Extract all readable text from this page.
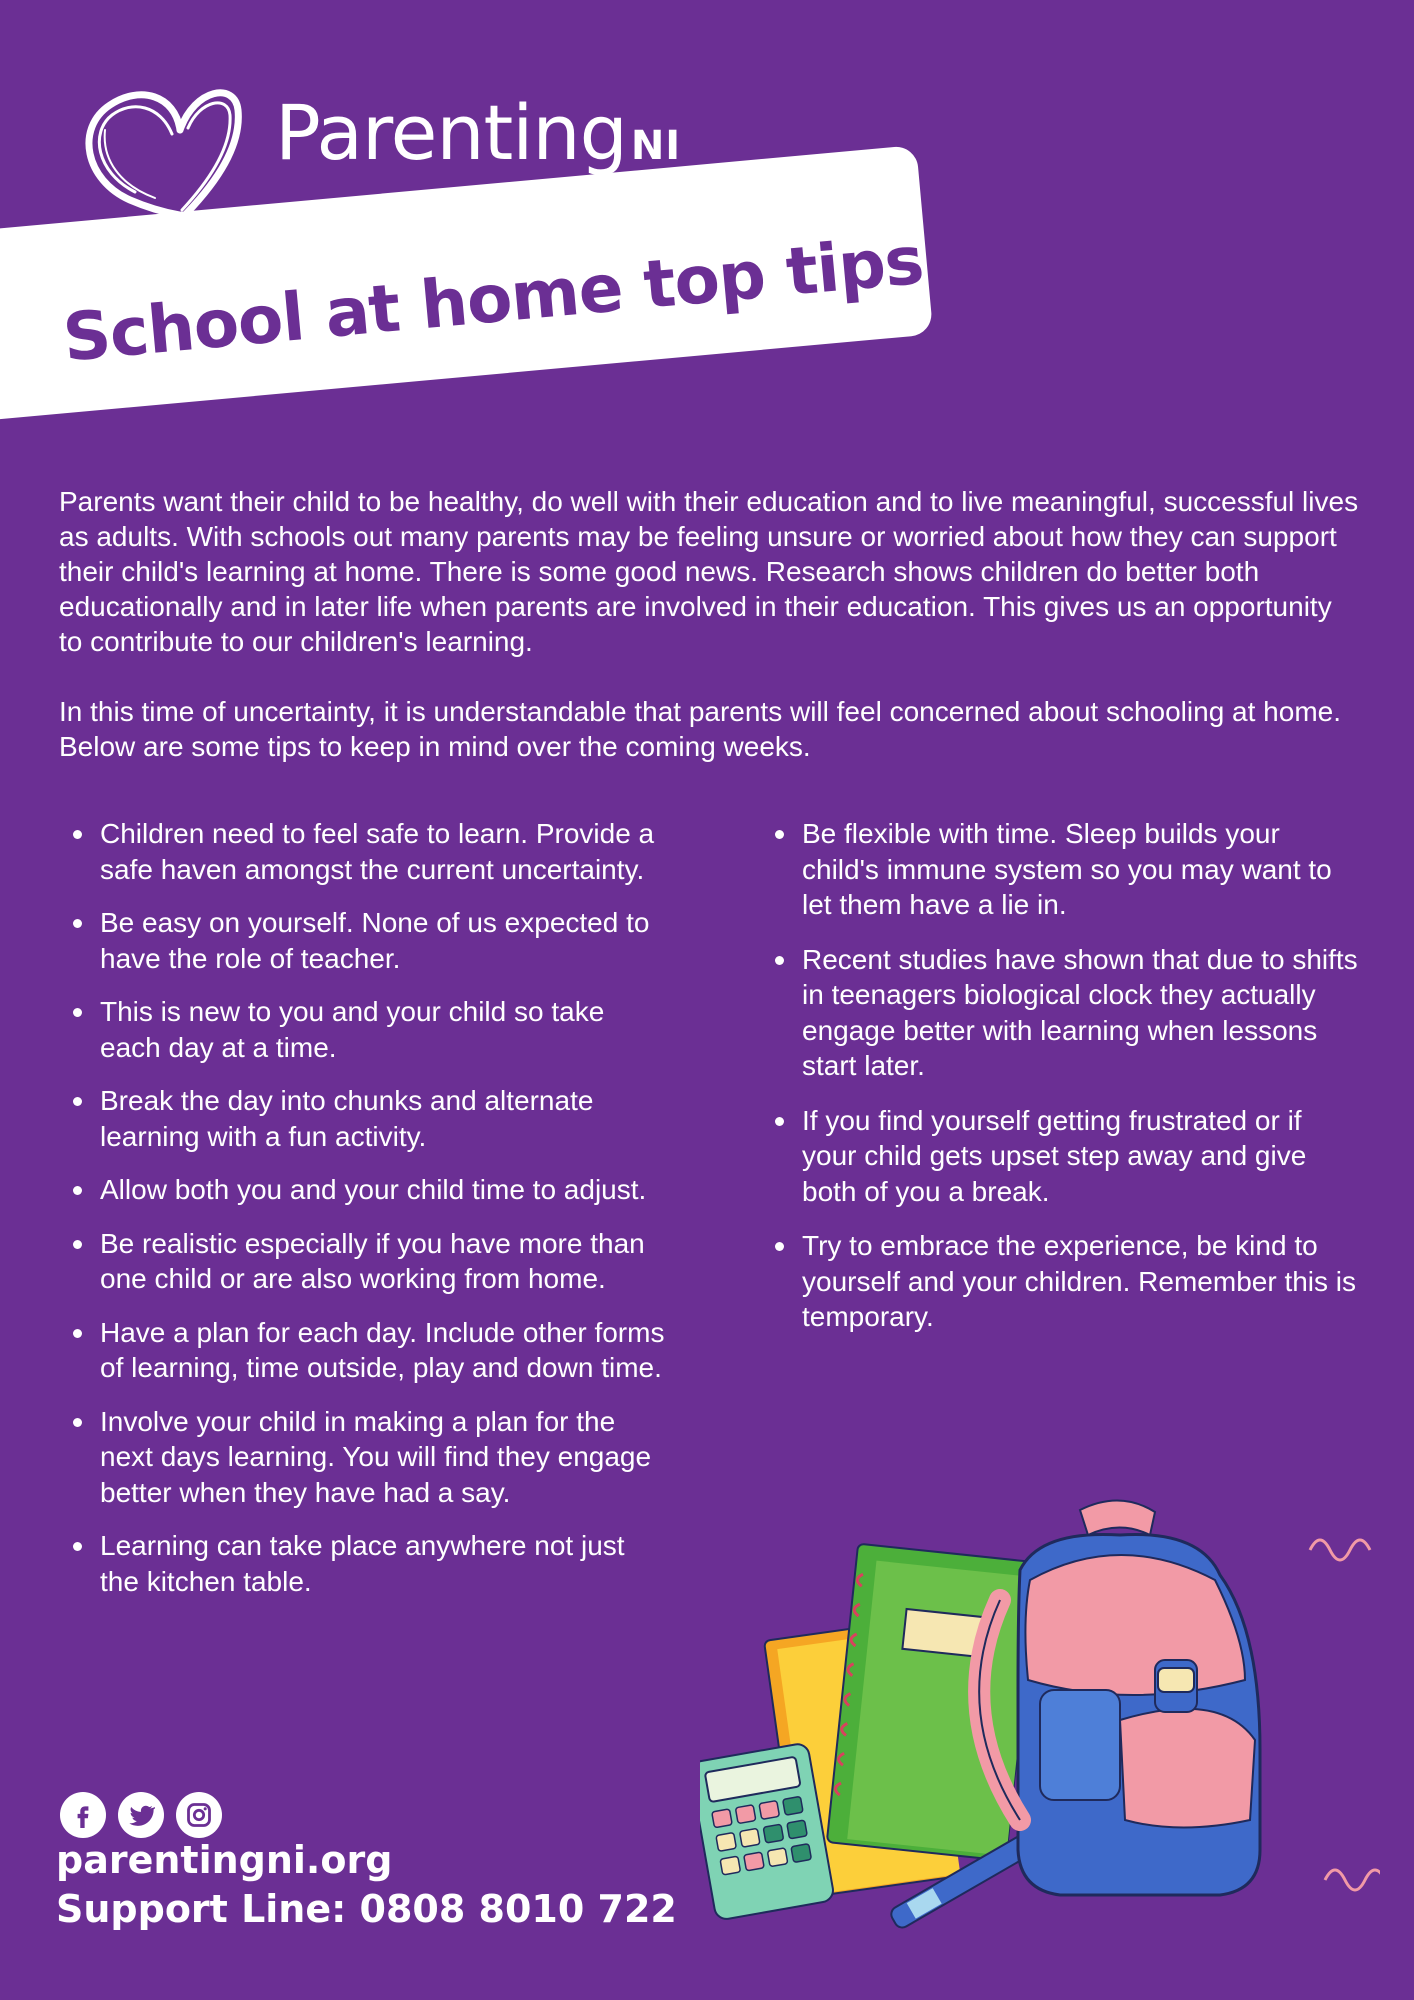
Parenting NI
School at home top tips

Parents want their child to be healthy, do well with their education and to live meaningful, successful lives as adults. With schools out many parents may be feeling unsure or worried about how they can support their child's learning at home. There is some good news. Research shows children do better both educationally and in later life when parents are involved in their education. This gives us an opportunity to contribute to our children's learning.

In this time of uncertainty, it is understandable that parents will feel concerned about schooling at home. Below are some tips to keep in mind over the coming weeks.

Children need to feel safe to learn. Provide a safe haven amongst the current uncertainty.
Be easy on yourself. None of us expected to have the role of teacher.
This is new to you and your child so take each day at a time.
Break the day into chunks and alternate learning with a fun activity.
Allow both you and your child time to adjust.
Be realistic especially if you have more than one child or are also working from home.
Have a plan for each day. Include other forms of learning, time outside, play and down time.
Involve your child in making a plan for the next days learning. You will find they engage better when they have had a say.
Learning can take place anywhere not just the kitchen table.
Be flexible with time. Sleep builds your child's immune system so you may want to let them have a lie in.
Recent studies have shown that due to shifts in teenagers biological clock they actually engage better with learning when lessons start later.
If you find yourself getting frustrated or if your child gets upset step away and give both of you a break.
Try to embrace the experience, be kind to yourself and your children. Remember this is temporary.
parentingni.org
Support Line: 0808 8010 722
